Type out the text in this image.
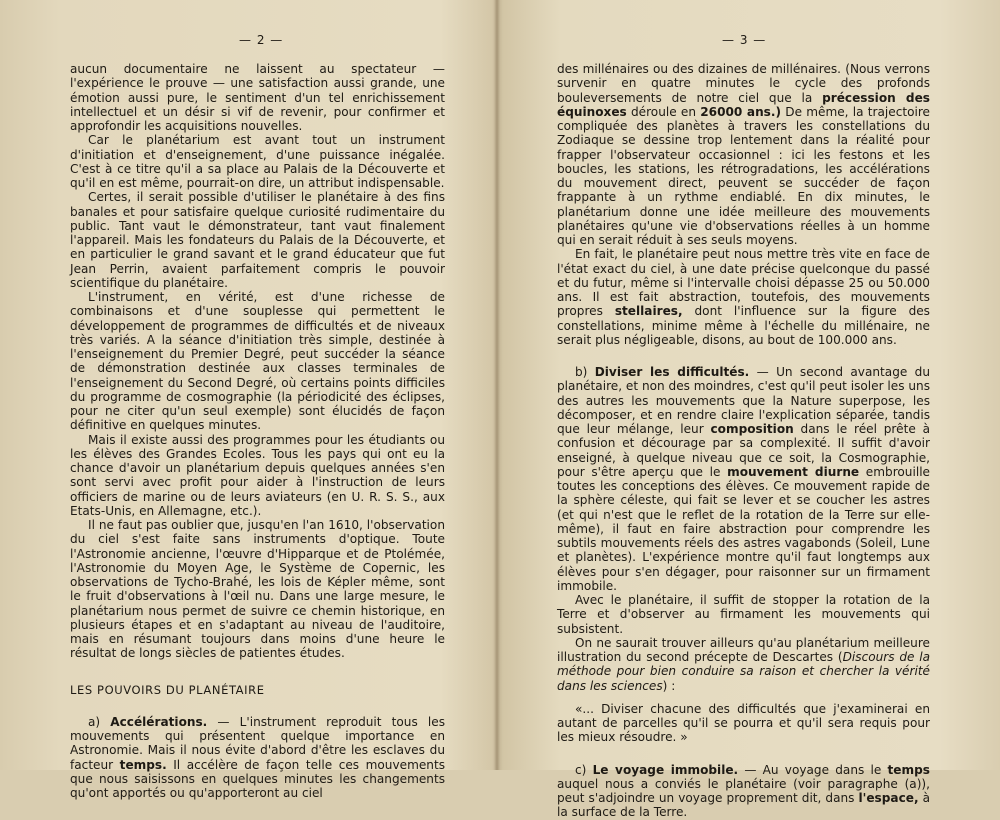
— 2 —

aucun documentaire ne laissent au spectateur — l'expérience le prouve — une satisfaction aussi grande, une émotion aussi pure, le sentiment d'un tel enrichissement intellectuel et un désir si vif de revenir, pour confirmer et approfondir les acquisitions nouvelles.

Car le planétarium est avant tout un instrument d'initiation et d'enseignement, d'une puissance inégalée. C'est à ce titre qu'il a sa place au Palais de la Découverte et qu'il en est même, pourrait-on dire, un attribut indispensable.

Certes, il serait possible d'utiliser le planétaire à des fins banales et pour satisfaire quelque curiosité rudimentaire du public. Tant vaut le démonstrateur, tant vaut finalement l'appareil. Mais les fondateurs du Palais de la Découverte, et en particulier le grand savant et le grand éducateur que fut Jean Perrin, avaient parfaitement compris le pouvoir scientifique du planétaire.

L'instrument, en vérité, est d'une richesse de combinaisons et d'une souplesse qui permettent le développement de programmes de difficultés et de niveaux très variés. A la séance d'initiation très simple, destinée à l'enseignement du Premier Degré, peut succéder la séance de démonstration destinée aux classes terminales de l'enseignement du Second Degré, où certains points difficiles du programme de cosmographie (la périodicité des éclipses, pour ne citer qu'un seul exemple) sont élucidés de façon définitive en quelques minutes.

Mais il existe aussi des programmes pour les étudiants ou les élèves des Grandes Ecoles. Tous les pays qui ont eu la chance d'avoir un planétarium depuis quelques années s'en sont servi avec profit pour aider à l'instruction de leurs officiers de marine ou de leurs aviateurs (en U. R. S. S., aux Etats-Unis, en Allemagne, etc.).

Il ne faut pas oublier que, jusqu'en l'an 1610, l'observation du ciel s'est faite sans instruments d'optique. Toute l'Astronomie ancienne, l'œuvre d'Hipparque et de Ptolémée, l'Astronomie du Moyen Age, le Système de Copernic, les observations de Tycho-Brahé, les lois de Képler même, sont le fruit d'observations à l'œil nu. Dans une large mesure, le planétarium nous permet de suivre ce chemin historique, en plusieurs étapes et en s'adaptant au niveau de l'auditoire, mais en résumant toujours dans moins d'une heure le résultat de longs siècles de patientes études.

LES POUVOIRS DU PLANÉTAIRE

a) Accélérations. — L'instrument reproduit tous les mouvements qui présentent quelque importance en Astronomie. Mais il nous évite d'abord d'être les esclaves du facteur temps. Il accélère de façon telle ces mouvements que nous saisissons en quelques minutes les changements qu'ont apportés ou qu'apporteront au ciel

— 3 —

des millénaires ou des dizaines de millénaires. (Nous verrons survenir en quatre minutes le cycle des profonds bouleversements de notre ciel que la précession des équinoxes déroule en 26000 ans.) De même, la trajectoire compliquée des planètes à travers les constellations du Zodiaque se dessine trop lentement dans la réalité pour frapper l'observateur occasionnel : ici les festons et les boucles, les stations, les rétrogradations, les accélérations du mouvement direct, peuvent se succéder de façon frappante à un rythme endiablé. En dix minutes, le planétarium donne une idée meilleure des mouvements planétaires qu'une vie d'observations réelles à un homme qui en serait réduit à ses seuls moyens.

En fait, le planétaire peut nous mettre très vite en face de l'état exact du ciel, à une date précise quelconque du passé et du futur, même si l'intervalle choisi dépasse 25 ou 50.000 ans. Il est fait abstraction, toutefois, des mouvements propres stellaires, dont l'influence sur la figure des constellations, minime même à l'échelle du millénaire, ne serait plus négligeable, disons, au bout de 100.000 ans.

b) Diviser les difficultés. — Un second avantage du planétaire, et non des moindres, c'est qu'il peut isoler les uns des autres les mouvements que la Nature superpose, les décomposer, et en rendre claire l'explication séparée, tandis que leur mélange, leur composition dans le réel prête à confusion et décourage par sa complexité. Il suffit d'avoir enseigné, à quelque niveau que ce soit, la Cosmographie, pour s'être aperçu que le mouvement diurne embrouille toutes les conceptions des élèves. Ce mouvement rapide de la sphère céleste, qui fait se lever et se coucher les astres (et qui n'est que le reflet de la rotation de la Terre sur elle-même), il faut en faire abstraction pour comprendre les subtils mouvements réels des astres vagabonds (Soleil, Lune et planètes). L'expérience montre qu'il faut longtemps aux élèves pour s'en dégager, pour raisonner sur un firmament immobile.

Avec le planétaire, il suffit de stopper la rotation de la Terre et d'observer au firmament les mouvements qui subsistent.

On ne saurait trouver ailleurs qu'au planétarium meilleure illustration du second précepte de Descartes (Discours de la méthode pour bien conduire sa raison et chercher la vérité dans les sciences) :

«... Diviser chacune des difficultés que j'examinerai en autant de parcelles qu'il se pourra et qu'il sera requis pour les mieux résoudre. »

c) Le voyage immobile. — Au voyage dans le temps auquel nous a conviés le planétaire (voir paragraphe (a)), peut s'adjoindre un voyage proprement dit, dans l'espace, à la surface de la Terre.
